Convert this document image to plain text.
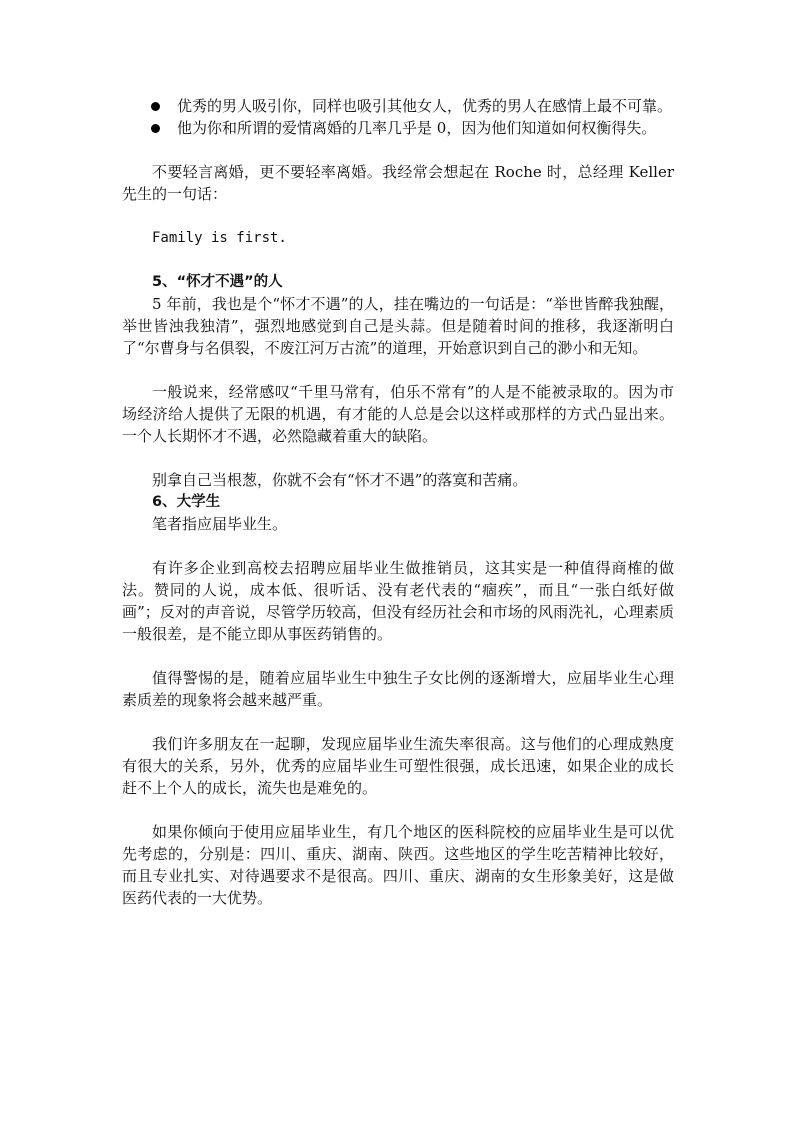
优秀的男人吸引你，同样也吸引其他女人，优秀的男人在感情上最不可靠。
他为你和所谓的爱情离婚的几率几乎是 0，因为他们知道如何权衡得失。

不要轻言离婚，更不要轻率离婚。我经常会想起在 Roche 时，总经理 Keller 先生的一句话：

Family is first.

5、“怀才不遇”的人

5 年前，我也是个“怀才不遇”的人，挂在嘴边的一句话是：“举世皆醉我独醒，举世皆浊我独清”，强烈地感觉到自己是头蒜。但是随着时间的推移，我逐渐明白了“尔曹身与名俱裂，不废江河万古流”的道理，开始意识到自己的渺小和无知。

一般说来，经常感叹“千里马常有，伯乐不常有”的人是不能被录取的。因为市场经济给人提供了无限的机遇，有才能的人总是会以这样或那样的方式凸显出来。一个人长期怀才不遇，必然隐藏着重大的缺陷。

别拿自己当根葱，你就不会有“怀才不遇”的落寞和苦痛。

6、大学生

笔者指应届毕业生。

有许多企业到高校去招聘应届毕业生做推销员，这其实是一种值得商榷的做法。赞同的人说，成本低、很听话、没有老代表的“痼疾”，而且“一张白纸好做画”；反对的声音说，尽管学历较高，但没有经历社会和市场的风雨洗礼，心理素质一般很差，是不能立即从事医药销售的。

值得警惕的是，随着应届毕业生中独生子女比例的逐渐增大，应届毕业生心理素质差的现象将会越来越严重。

我们许多朋友在一起聊，发现应届毕业生流失率很高。这与他们的心理成熟度有很大的关系，另外，优秀的应届毕业生可塑性很强，成长迅速，如果企业的成长赶不上个人的成长，流失也是难免的。

如果你倾向于使用应届毕业生，有几个地区的医科院校的应届毕业生是可以优先考虑的，分别是：四川、重庆、湖南、陕西。这些地区的学生吃苦精神比较好，而且专业扎实、对待遇要求不是很高。四川、重庆、湖南的女生形象美好，这是做医药代表的一大优势。
